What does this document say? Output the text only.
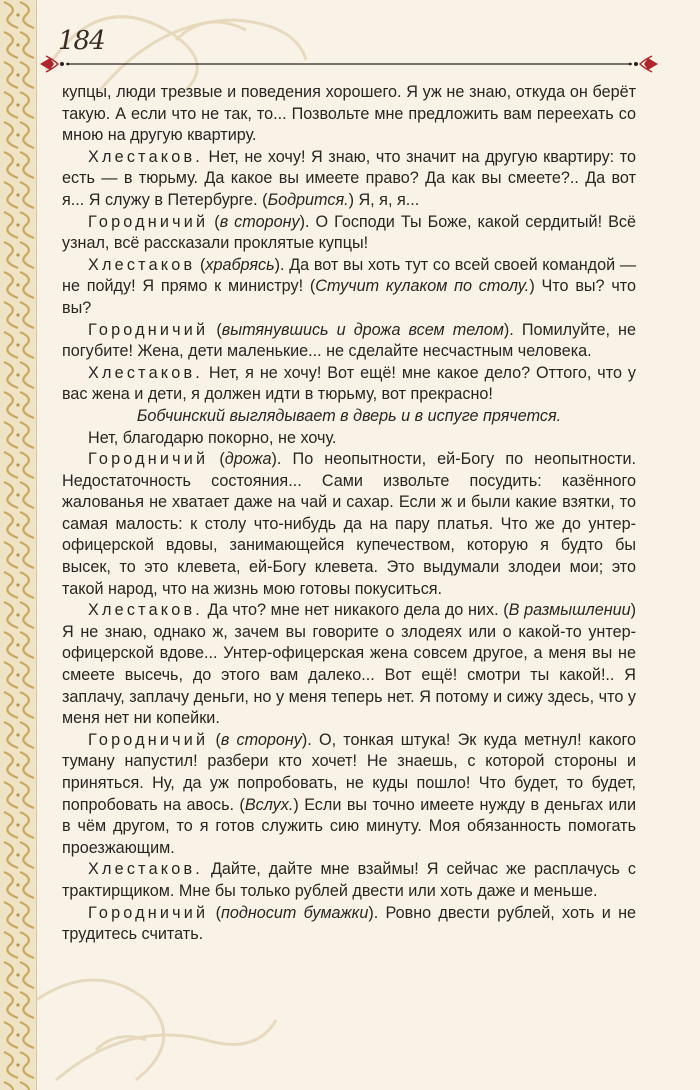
184

купцы, люди трезвые и поведения хорошего. Я уж не знаю, откуда он берёт такую. А если что не так, то... Позвольте мне предложить вам переехать со мною на другую квартиру.

Хлестаков. Нет, не хочу! Я знаю, что значит на другую квартиру: то есть — в тюрьму. Да какое вы имеете право? Да как вы смеете?.. Да вот я... Я служу в Петербурге. (Бодрится.) Я, я, я...

Городничий (в сторону). О Господи Ты Боже, какой сердитый! Всё узнал, всё рассказали проклятые купцы!

Хлестаков (храбрясь). Да вот вы хоть тут со всей своей командой — не пойду! Я прямо к министру! (Стучит кулаком по столу.) Что вы? что вы?

Городничий (вытянувшись и дрожа всем телом). Помилуйте, не погубите! Жена, дети маленькие... не сделайте несчастным человека.

Хлестаков. Нет, я не хочу! Вот ещё! мне какое дело? Оттого, что у вас жена и дети, я должен идти в тюрьму, вот прекрасно!

Бобчинский выглядывает в дверь и в испуге прячется.

Нет, благодарю покорно, не хочу.

Городничий (дрожа). По неопытности, ей-Богу по неопытности. Недостаточность состояния... Сами извольте посудить: казённого жалованья не хватает даже на чай и сахар. Если ж и были какие взятки, то самая малость: к столу что-нибудь да на пару платья. Что же до унтер-офицерской вдовы, занимающейся купечеством, которую я будто бы высек, то это клевета, ей-Богу клевета. Это выдумали злодеи мои; это такой народ, что на жизнь мою готовы покуситься.

Хлестаков. Да что? мне нет никакого дела до них. (В размышлении) Я не знаю, однако ж, зачем вы говорите о злодеях или о какой-то унтер-офицерской вдове... Унтер-офицерская жена совсем другое, а меня вы не смеете высечь, до этого вам далеко... Вот ещё! смотри ты какой!.. Я заплачу, заплачу деньги, но у меня теперь нет. Я потому и сижу здесь, что у меня нет ни копейки.

Городничий (в сторону). О, тонкая штука! Эк куда метнул! какого туману напустил! разбери кто хочет! Не знаешь, с которой стороны и приняться. Ну, да уж попробовать, не куды пошло! Что будет, то будет, попробовать на авось. (Вслух.) Если вы точно имеете нужду в деньгах или в чём другом, то я готов служить сию минуту. Моя обязанность помогать проезжающим.

Хлестаков. Дайте, дайте мне взаймы! Я сейчас же расплачусь с трактирщиком. Мне бы только рублей двести или хоть даже и меньше.

Городничий (подносит бумажки). Ровно двести рублей, хоть и не трудитесь считать.
